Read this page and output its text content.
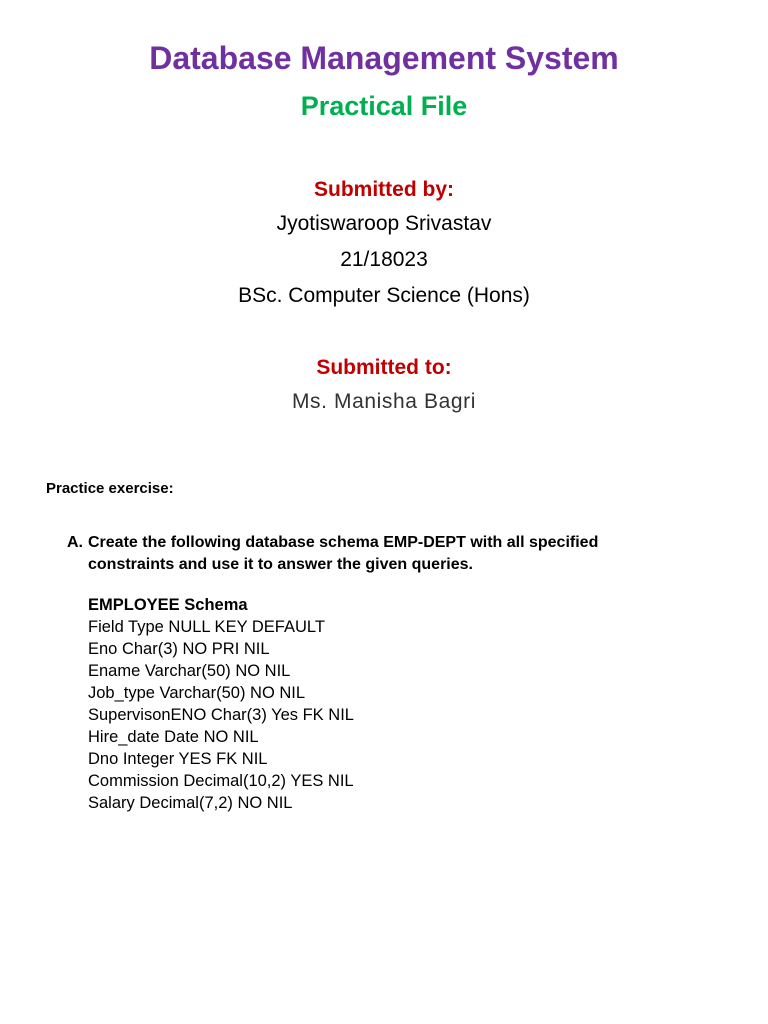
Database Management System
Practical File
Submitted by:
Jyotiswaroop Srivastav
21/18023
BSc. Computer Science (Hons)
Submitted to:
Ms. Manisha Bagri
Practice exercise:
A. Create the following database schema EMP-DEPT with all specified
constraints and use it to answer the given queries.
EMPLOYEE Schema
Field Type NULL KEY DEFAULT
Eno Char(3) NO PRI NIL
Ename Varchar(50) NO NIL
Job_type Varchar(50) NO NIL
SupervisonENO Char(3) Yes FK NIL
Hire_date Date NO NIL
Dno Integer YES FK NIL
Commission Decimal(10,2) YES NIL
Salary Decimal(7,2) NO NIL
